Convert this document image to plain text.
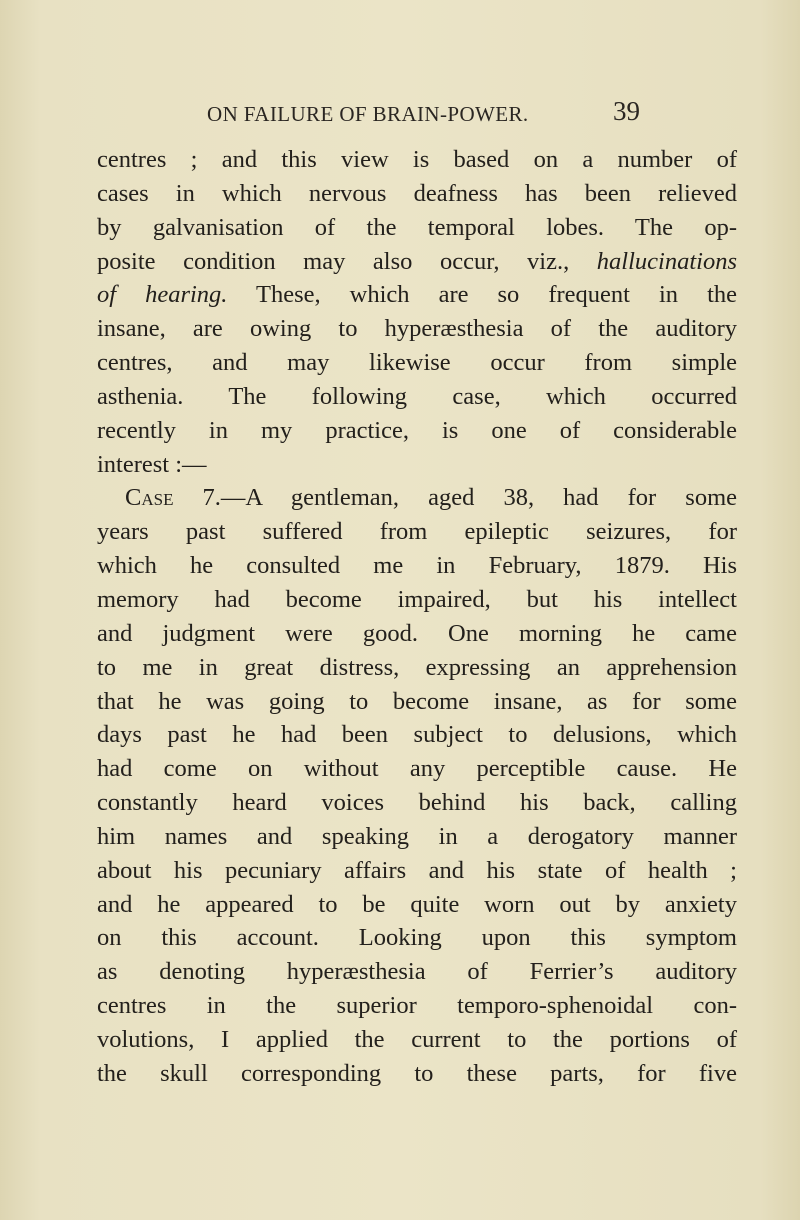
ON FAILURE OF BRAIN-POWER.	39
centres ; and this view is based on a number of
cases in which nervous deafness has been relieved
by galvanisation of the temporal lobes. The op-
posite condition may also occur, viz., hallucinations
of hearing. These, which are so frequent in the
insane, are owing to hyperæsthesia of the auditory
centres, and may likewise occur from simple
asthenia. The following case, which occurred
recently in my practice, is one of considerable
interest :—
Case 7.—A gentleman, aged 38, had for some
years past suffered from epileptic seizures, for
which he consulted me in February, 1879. His
memory had become impaired, but his intellect
and judgment were good. One morning he came
to me in great distress, expressing an apprehension
that he was going to become insane, as for some
days past he had been subject to delusions, which
had come on without any perceptible cause. He
constantly heard voices behind his back, calling
him names and speaking in a derogatory manner
about his pecuniary affairs and his state of health ;
and he appeared to be quite worn out by anxiety
on this account. Looking upon this symptom
as denoting hyperæsthesia of Ferrier’s auditory
centres in the superior temporo-sphenoidal con-
volutions, I applied the current to the portions of
the skull corresponding to these parts, for five
